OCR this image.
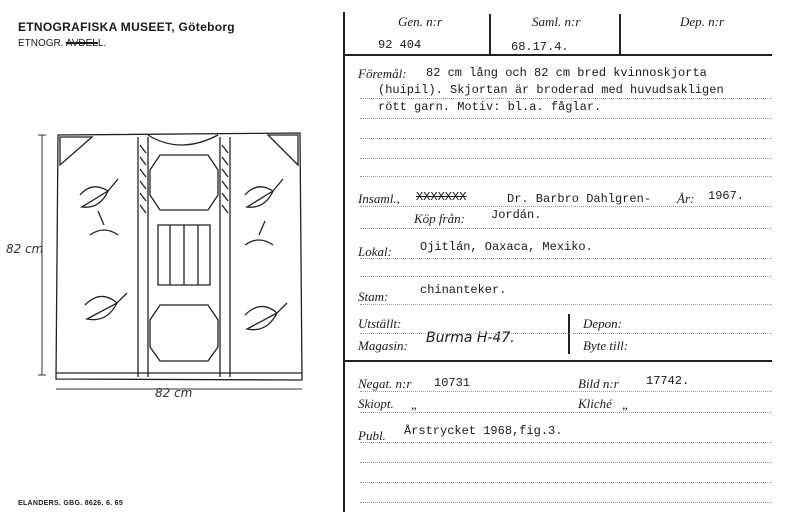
ETNOGRAFISKA MUSEET, Göteborg
ETNOGR. AVDELL.
82 cm
82 cm
ELANDERS. GBG. 8626. 6. 65
Gen. n:r
92 404
Saml. n:r
68.17.4.
Dep. n:r
Föremål: 82 cm lång och 82 cm bred kvinnoskjorta
(huipil). Skjortan är broderad med huvudsakligen
rött garn. Motiv: bl.a. fåglar.
Insaml., XXXXXXX	Dr. Barbro Dahlgren- År: 1967.
Köp från: Jordán.
Lokal: Ojitlán, Oaxaca, Mexiko.
Stam:	chinanteker.
Utställt:
Magasin: Burma H-47.
Depon:
Byte till:
Negat. n:r 10731	Bild n:r 17742.
Skiopt. „	Kliché „
Publ. Årstrycket 1968,fig.3.
